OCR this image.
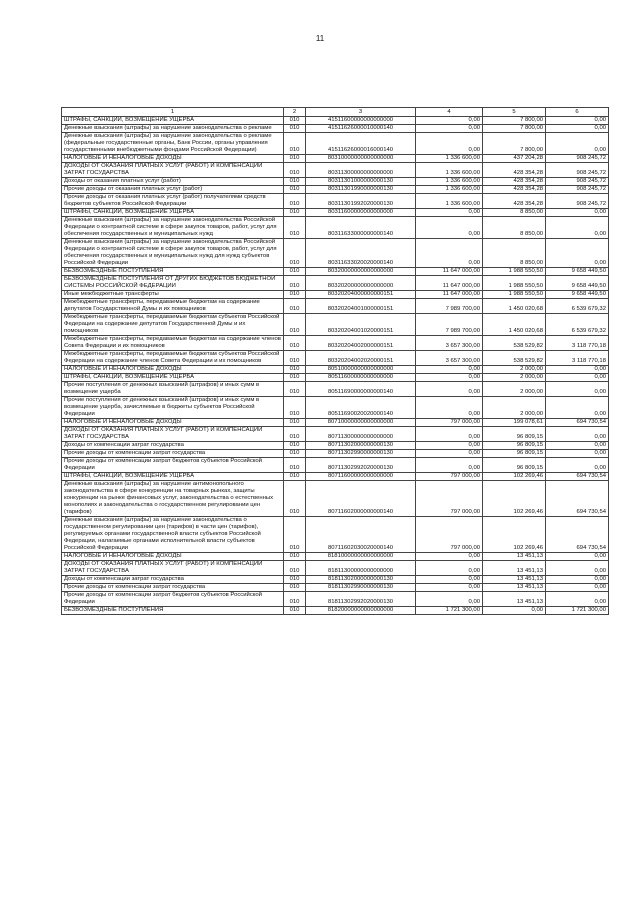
11
1	2	3	4	5	6
ШТРАФЫ, САНКЦИИ, ВОЗМЕЩЕНИЕ УЩЕРБА	010	41511600000000000000	0,00	7 800,00	0,00
Денежные взыскания (штрафы) за нарушение законодательства о рекламе	010	41511626000010000140	0,00	7 800,00	0,00
Денежные взыскания (штрафы) за нарушение законодательства о рекламе (федеральные государственные органы, Банк России, органы управления государственными внебюджетными фондами Российской Федерации)	010	41511626000016000140	0,00	7 800,00	0,00
НАЛОГОВЫЕ И НЕНАЛОГОВЫЕ ДОХОДЫ	010	80310000000000000000	1 336 600,00	437 204,28	908 245,72
ДОХОДЫ ОТ ОКАЗАНИЯ ПЛАТНЫХ УСЛУГ (РАБОТ) И КОМПЕНСАЦИИ ЗАТРАТ ГОСУДАРСТВА	010	80311300000000000000	1 336 600,00	428 354,28	908 245,72
Доходы от оказания платных услуг (работ)	010	80311301000000000130	1 336 600,00	428 354,28	908 245,72
Прочие доходы от оказания платных услуг (работ)	010	80311301990000000130	1 336 600,00	428 354,28	908 245,72
Прочие доходы от оказания платных услуг (работ) получателями средств бюджетов субъектов Российской Федерации	010	80311301992020000130	1 336 600,00	428 354,28	908 245,72
ШТРАФЫ, САНКЦИИ, ВОЗМЕЩЕНИЕ УЩЕРБА	010	80311600000000000000	0,00	8 850,00	0,00
Денежные взыскания (штрафы) за нарушение законодательства Российской Федерации о контрактной системе в сфере закупок товаров, работ, услуг для обеспечения государственных и муниципальных нужд	010	80311633000000000140	0,00	8 850,00	0,00
Денежные взыскания (штрафы) за нарушение законодательства Российской Федерации о контрактной системе в сфере закупок товаров, работ, услуг для обеспечения государственных и муниципальных нужд для нужд субъектов Российской Федерации	010	80311633020020000140	0,00	8 850,00	0,00
БЕЗВОЗМЕЗДНЫЕ ПОСТУПЛЕНИЯ	010	80320000000000000000	11 647 000,00	1 988 550,50	9 658 449,50
БЕЗВОЗМЕЗДНЫЕ ПОСТУПЛЕНИЯ ОТ ДРУГИХ БЮДЖЕТОВ БЮДЖЕТНОЙ СИСТЕМЫ РОССИЙСКОЙ ФЕДЕРАЦИИ	010	80320200000000000000	11 647 000,00	1 988 550,50	9 658 449,50
Иные межбюджетные трансферты	010	80320204000000000151	11 647 000,00	1 988 550,50	9 658 449,50
Межбюджетные трансферты, передаваемые бюджетам на содержание депутатов Государственной Думы и их помощников	010	80320204001000000151	7 989 700,00	1 450 020,68	6 539 679,32
Межбюджетные трансферты, передаваемые бюджетам субъектов Российской Федерации на содержание депутатов Государственной Думы и их помощников	010	80320204001020000151	7 989 700,00	1 450 020,68	6 539 679,32
Межбюджетные трансферты, передаваемые бюджетам на содержание членов Совета Федерации и их помощников	010	80320204002000000151	3 657 300,00	538 529,82	3 118 770,18
Межбюджетные трансферты, передаваемые бюджетам субъектов Российской Федерации на содержание членов Совета Федерации и их помощников	010	80320204002020000151	3 657 300,00	538 529,82	3 118 770,18
НАЛОГОВЫЕ И НЕНАЛОГОВЫЕ ДОХОДЫ	010	80510000000000000000	0,00	2 000,00	0,00
ШТРАФЫ, САНКЦИИ, ВОЗМЕЩЕНИЕ УЩЕРБА	010	80511600000000000000	0,00	2 000,00	0,00
Прочие поступления от денежных взысканий (штрафов) и иных сумм в возмещение ущерба	010	80511690000000000140	0,00	2 000,00	0,00
Прочие поступления от денежных взысканий (штрафов) и иных сумм в возмещение ущерба, зачисляемые в бюджеты субъектов Российской Федерации	010	80511690020020000140	0,00	2 000,00	0,00
НАЛОГОВЫЕ И НЕНАЛОГОВЫЕ ДОХОДЫ	010	80710000000000000000	797 000,00	199 078,61	694 730,54
ДОХОДЫ ОТ ОКАЗАНИЯ ПЛАТНЫХ УСЛУГ (РАБОТ) И КОМПЕНСАЦИИ ЗАТРАТ ГОСУДАРСТВА	010	80711300000000000000	0,00	96 809,15	0,00
Доходы от компенсации затрат государства	010	80711302000000000130	0,00	96 809,15	0,00
Прочие доходы от компенсации затрат государства	010	80711302990000000130	0,00	96 809,15	0,00
Прочие доходы от компенсации затрат бюджетов субъектов Российской Федерации	010	80711302992020000130	0,00	96 809,15	0,00
ШТРАФЫ, САНКЦИИ, ВОЗМЕЩЕНИЕ УЩЕРБА	010	80711600000000000000	797 000,00	102 269,46	694 730,54
Денежные взыскания (штрафы) за нарушение антимонопольного законодательства в сфере конкуренции на товарных рынках, защиты конкуренции на рынке финансовых услуг, законодательства о естественных монополиях и законодательства о государственном регулировании цен (тарифов)	010	80711602000000000140	797 000,00	102 269,46	694 730,54
Денежные взыскания (штрафы) за нарушение законодательства о государственном регулировании цен (тарифов) в части цен (тарифов), регулируемых органами государственной власти субъектов Российской Федерации, налагаемые органами исполнительной власти субъектов Российской Федерации	010	80711602030020000140	797 000,00	102 269,46	694 730,54
НАЛОГОВЫЕ И НЕНАЛОГОВЫЕ ДОХОДЫ	010	81810000000000000000	0,00	13 451,13	0,00
ДОХОДЫ ОТ ОКАЗАНИЯ ПЛАТНЫХ УСЛУГ (РАБОТ) И КОМПЕНСАЦИИ ЗАТРАТ ГОСУДАРСТВА	010	81811300000000000000	0,00	13 451,13	0,00
Доходы от компенсации затрат государства	010	81811302000000000130	0,00	13 451,13	0,00
Прочие доходы от компенсации затрат государства	010	81811302990000000130	0,00	13 451,13	0,00
Прочие доходы от компенсации затрат бюджетов субъектов Российской Федерации	010	81811302992020000130	0,00	13 451,13	0,00
БЕЗВОЗМЕЗДНЫЕ ПОСТУПЛЕНИЯ	010	81820000000000000000	1 721 300,00	0,00	1 721 300,00
